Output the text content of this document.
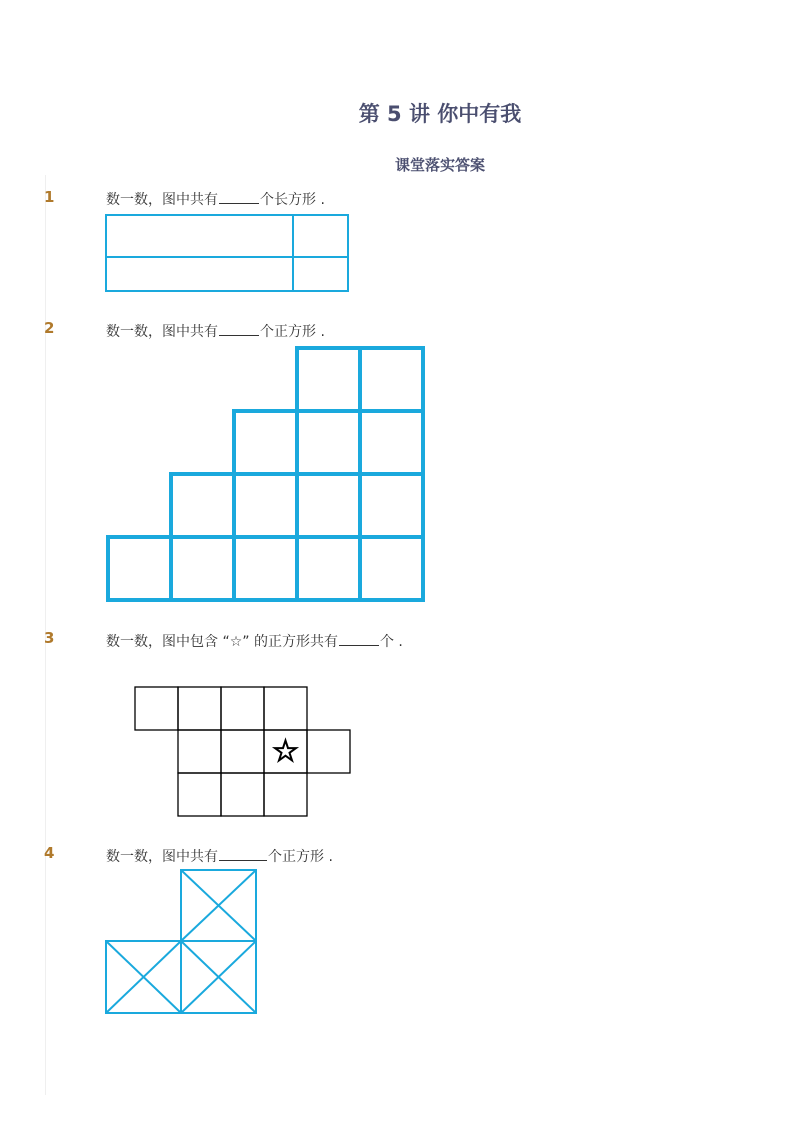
第 5 讲 你中有我
课堂落实答案
1	数一数，图中共有	个长方形 .
2	数一数，图中共有	个正方形 .
3	数一数，图中包含 “☆” 的正方形共有	个 .
4	数一数，图中共有	个正方形 .
